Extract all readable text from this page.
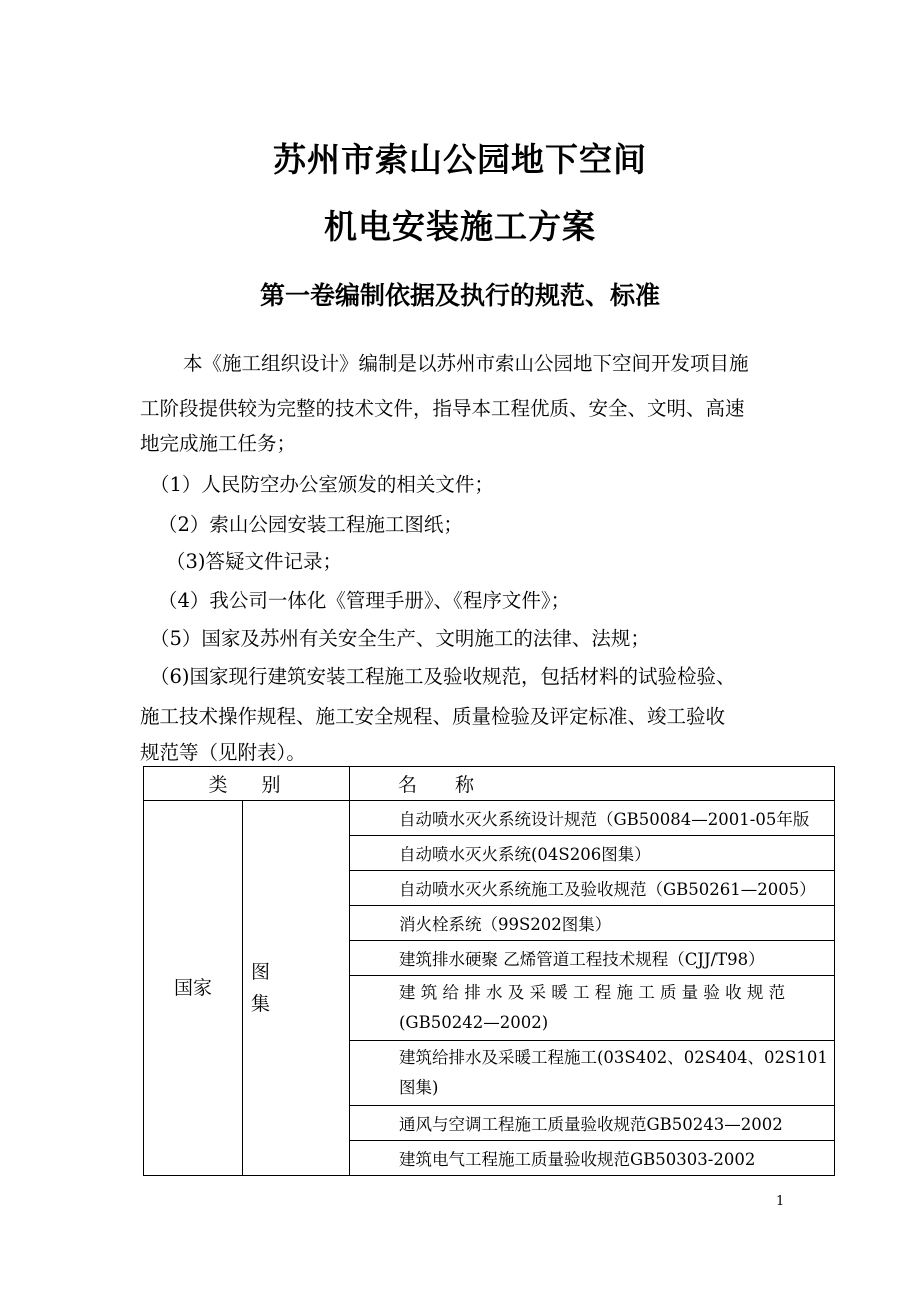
苏州市索山公园地下空间
机电安装施工方案
第一卷编制依据及执行的规范、标准
本《施工组织设计》编制是以苏州市索山公园地下空间开发项目施
工阶段提供较为完整的技术文件，指导本工程优质、安全、文明、高速
地完成施工任务；
（1）人民防空办公室颁发的相关文件；
（2）索山公园安装工程施工图纸；
（3)答疑文件记录；
（4）我公司一体化《管理手册》、《程序文件》；
（5）国家及苏州有关安全生产、文明施工的法律、法规；
（6)国家现行建筑安装工程施工及验收规范，包括材料的试验检验、
施工技术操作规程、施工安全规程、质量检验及评定标准、竣工验收
规范等（见附表）。
类别		名称

国家	图集	自动喷水灭火系统设计规范（GB50084—2001-05年版
		自动喷水灭火系统(04S206图集）
		自动喷水灭火系统施工及验收规范（GB50261—2005）
		消火栓系统（99S202图集）
		建筑排水硬聚 乙烯管道工程技术规程（CJJ/T98）
		建 筑 给 排 水 及 采 暖 工 程 施 工 质 量 验 收 规 范 (GB50242—2002)
		建筑给排水及采暖工程施工(03S402、02S404、02S101图集)
		通风与空调工程施工质量验收规范GB50243—2002
		建筑电气工程施工质量验收规范GB50303-2002
1
